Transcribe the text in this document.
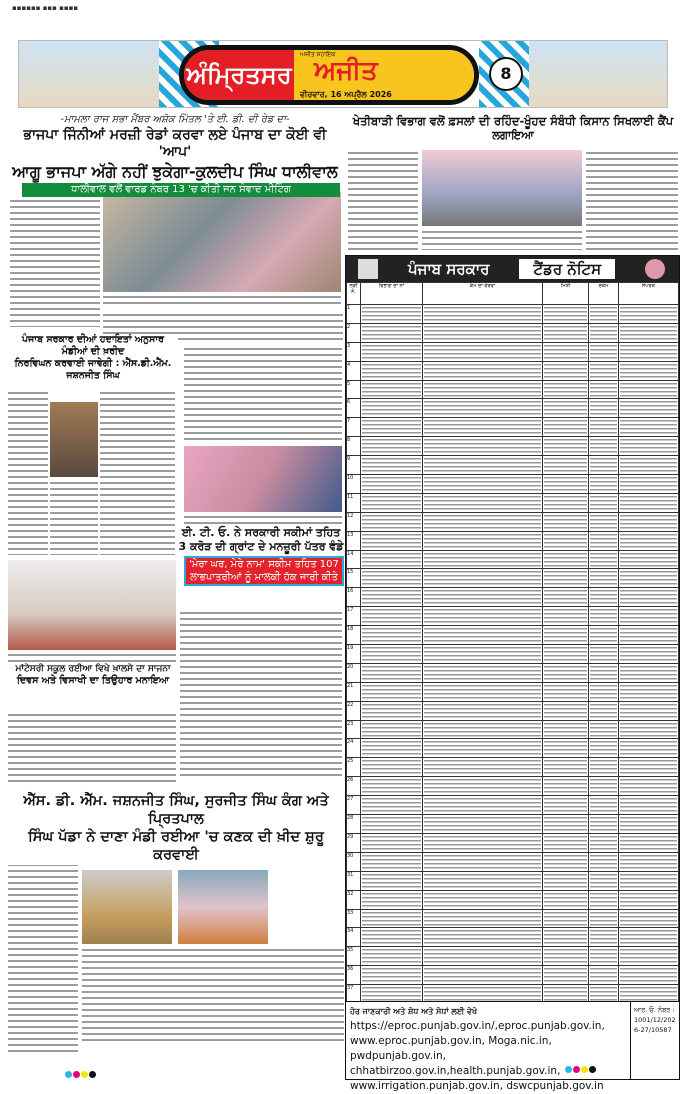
▪▪▪▪▪▪ ▪▪▪ ▪▪▪▪
ਅੰਮ੍ਰਿਤਸਰ
ਅਜੀਤ ਸਹਾਇਕ
ਅਜੀਤ
ਵੀਰਵਾਰ, 16 ਅਪ੍ਰੈਲ 2026
8
-ਮਾਮਲਾ ਰਾਜ ਸਭਾ ਮੈਂਬਰ ਅਸ਼ੋਕ ਮਿੱਤਲ 'ਤੇ ਈ. ਡੀ. ਦੀ ਰੇਡ ਦਾ-
ਭਾਜਪਾ ਜਿੰਨੀਆਂ ਮਰਜ਼ੀ ਰੇਡਾਂ ਕਰਵਾ ਲਏ ਪੰਜਾਬ ਦਾ ਕੋਈ ਵੀ 'ਆਪ'
ਆਗੂ ਭਾਜਪਾ ਅੱਗੇ ਨਹੀਂ ਝੁਕੇਗਾ-ਕੁਲਦੀਪ ਸਿੰਘ ਧਾਲੀਵਾਲ
ਧਾਲੀਵਾਲ ਵਲੋਂ ਵਾਰਡ ਨੰਬਰ 13 'ਚ ਕੀਤੀ ਜਨ ਸੰਵਾਦ ਮੀਟਿੰਗ
ਪੰਜਾਬ ਸਰਕਾਰ ਦੀਆਂ ਹਦਾਇਤਾਂ ਅਨੁਸਾਰ ਮੰਡੀਆਂ ਦੀ ਖ਼ਰੀਦ
ਨਿਰਵਿਘਨ ਕਰਵਾਈ ਜਾਵੇਗੀ : ਐੱਸ.ਡੀ.ਐੱਮ. ਜਸ਼ਨਜੀਤ ਸਿੰਘ
ਈ. ਟੀ. ਓ. ਨੇ ਸਰਕਾਰੀ ਸਕੀਮਾਂ ਤਹਿਤ
3 ਕਰੋੜ ਦੀ ਗ੍ਰਾਂਟ ਦੇ ਮਨਜ਼ੂਰੀ ਪੱਤਰ ਵੰਡੇ
'ਮੇਰਾ ਘਰ, ਮੇਰੇ ਨਾਮ' ਸਕੀਮ ਤਹਿਤ 107 ਲਾਭਪਾਤਰੀਆਂ ਨੂੰ ਮਾਲਕੀ ਹੱਕ ਜਾਰੀ ਕੀਤੇ
ਮਾਂਟੇਸਰੀ ਸਕੂਲ ਰਈਆ ਵਿਖੇ ਖ਼ਾਲਸੇ ਦਾ ਸਾਜਨਾ
ਦਿਵਸ ਅਤੇ ਵਿਸਾਖੀ ਦਾ ਤਿਉਹਾਰ ਮਨਾਇਆ
ਐੱਸ. ਡੀ. ਐੱਮ. ਜਸ਼ਨਜੀਤ ਸਿੰਘ, ਸੁਰਜੀਤ ਸਿੰਘ ਕੰਗ ਅਤੇ ਪ੍ਰਿਤਪਾਲ
ਸਿੰਘ ਪੱਡਾ ਨੇ ਦਾਣਾ ਮੰਡੀ ਰਈਆ 'ਚ ਕਣਕ ਦੀ ਖ਼ੀਦ ਸ਼ੁਰੂ ਕਰਵਾਈ
ਖੇਤੀਬਾੜੀ ਵਿਭਾਗ ਵਲੋਂ ਫ਼ਸਲਾਂ ਦੀ ਰਹਿੰਦ-ਖੂੰਹਦ ਸੰਬੰਧੀ ਕਿਸਾਨ ਸਿਖਲਾਈ ਕੈਂਪ ਲਗਾਇਆ
ਪੰਜਾਬ ਸਰਕਾਰ	ਟੈਂਡਰ ਨੋਟਿਸ
ਲੜੀ ਨੰ.	ਵਿਭਾਗ ਦਾ ਨਾਂ	ਕੰਮ ਦਾ ਵੇਰਵਾ	ਮਿਤੀ	ਰਕਮ	ਸੰਪਰਕ
1	

2	

3	

4	

5	

6	

7	

8	

9	

10	

11	

12	

13	

14	

15	

16	

17	

18	

19	

20	

21	

22	

23	

24	

25	

26	

27	

28	

29	

30	

31	

32	

33	

34	

35	

36	

37	

ਹੋਰ ਜਾਣਕਾਰੀ ਅਤੇ ਸ਼ੋਧ ਅਤੇ ਸੋਧਾਂ ਲਈ ਵੇਖੋ
https://eproc.punjab.gov.in/,eproc.punjab.gov.in,
www.eproc.punjab.gov.in, Moga.nic.in, pwdpunjab.gov.in,
chhatbirzoo.gov.in,health.punjab.gov.in,
www.irrigation.punjab.gov.in, dswcpunjab.gov.in
ਆਰ. ਓ. ਨੰਬਰ :
1001/12/2026-27/10587
